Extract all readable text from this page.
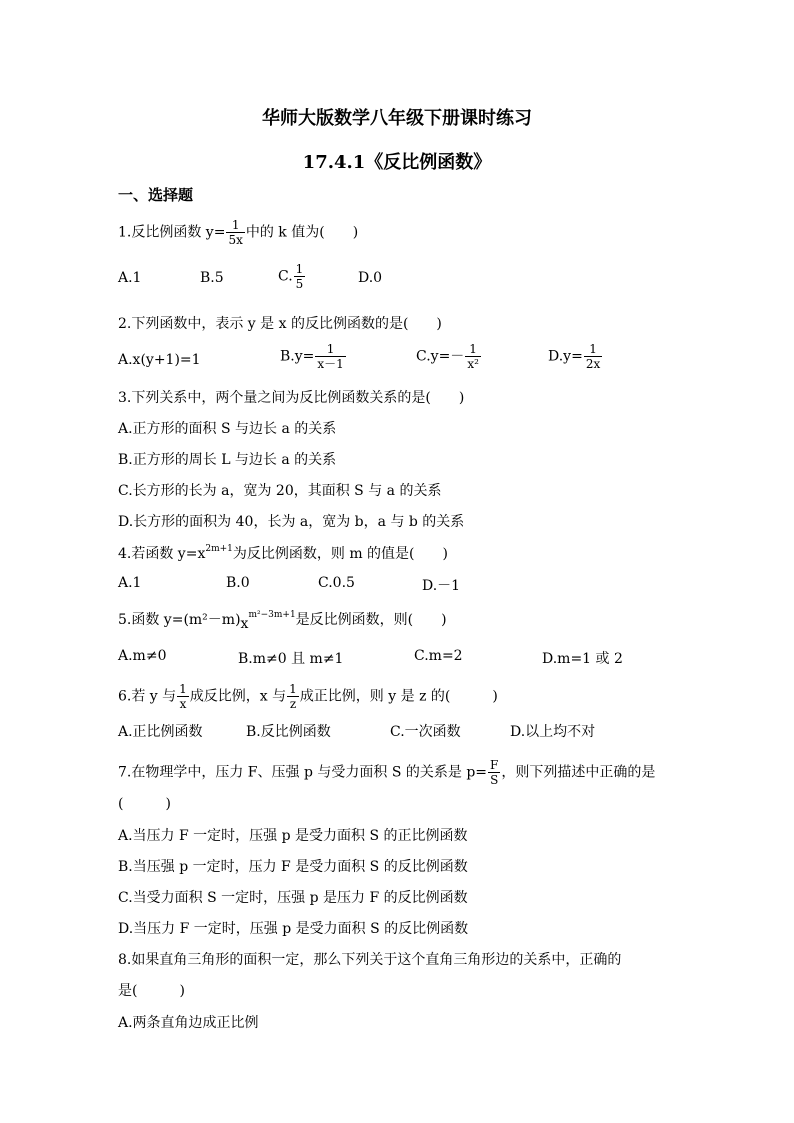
华师大版数学八年级下册课时练习
17.4.1《反比例函数》
一、选择题
1.反比例函数 $y= \frac{1}{5x}$ 中的 k 值为(　　)
A.1	B.5	C. $\frac{1}{5}$	D.0
2.下列函数中，表示 y 是 x 的反比例函数的是(　　)
A.x(y+1)=1	$B.y= \frac{1}{x-1}$	$C.y=- \frac{1}{\text{x²}}$	$D.y= \frac{1}{2x}$
3.下列关系中，两个量之间为反比例函数关系的是(　　)
A.正方形的面积 S 与边长 a 的关系
B.正方形的周长 L 与边长 a 的关系
C.长方形的长为 a，宽为 20，其面积 S 与 a 的关系
D.长方形的面积为 40，长为 a，宽为 b，a 与 b 的关系
4.若函数 $y=x^{2m+1}$为反比例函数，则 m 的值是(　　)
A.1	B.0	C.0.5	D.－1
5.函数 $y=(m^2-m)x^{m^2-3m+1}$是反比例函数，则(　　)
A.m≠0	B.m≠0 且 m≠1	C.m=2	D.m=1 或 2
6.若 y 与 $\frac{1}{x}$ 成反比例，x 与 $\frac{1}{z}$ 成正比例，则 y 是 z 的(　　　)
A.正比例函数	B.反比例函数	C.一次函数	D.以上均不对
7.在物理学中，压力 F、压强 p 与受力面积 S 的关系是 $p= \frac{F}{S}$ ，则下列描述中正确的是
(　　　)
A.当压力 F 一定时，压强 p 是受力面积 S 的正比例函数
B.当压强 p 一定时，压力 F 是受力面积 S 的反比例函数
C.当受力面积 S 一定时，压强 p 是压力 F 的反比例函数
D.当压力 F 一定时，压强 p 是受力面积 S 的反比例函数
8.如果直角三角形的面积一定，那么下列关于这个直角三角形边的关系中，正确的
是(　　　)
A.两条直角边成正比例
